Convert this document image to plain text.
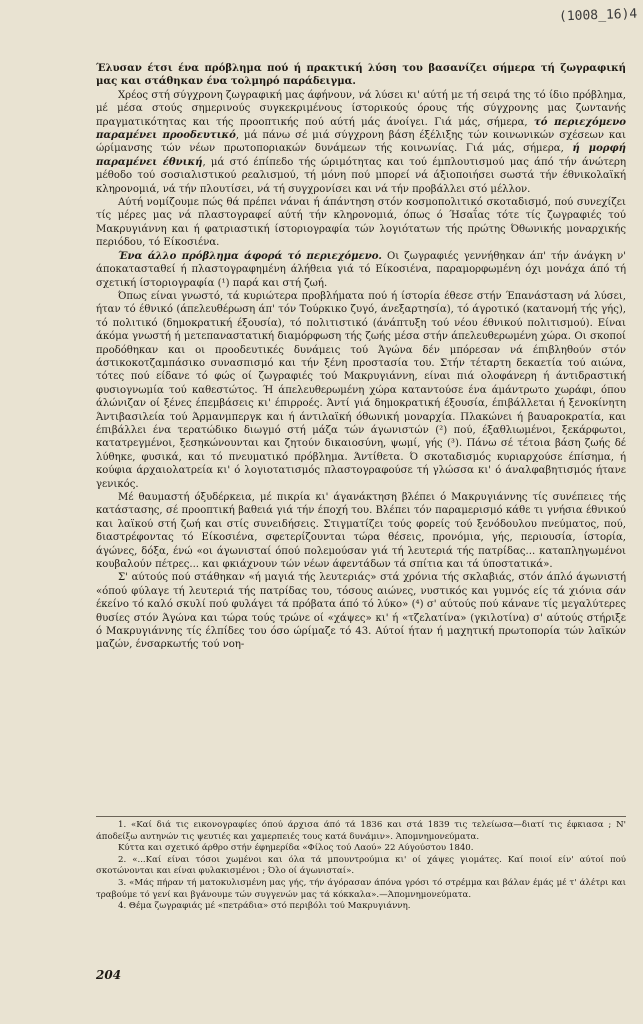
(1008_16)4

Έλυσαν έτσι ένα πρόβλημα πού ή πρακτική λύση του βασανίζει σήμερα τή ζωγραφική μας και στάθηκαν ένα τολμηρό παράδειγμα.

Χρέος στή σύγχρονη ζωγραφική μας άφήνουν, νά λύσει κι' αύτή με τή σειρά της τό ίδιο πρόβλημα, μέ μέσα στούς σημερινούς συγκεκριμένους ίστορικούς όρους τής σύγχρονης μας ζωντανής πραγματικότητας και τής προοπτικής πού αύτή μάς άνοίγει. Γιά μάς, σήμερα, τό περιεχόμενο παραμένει προοδευτικό, μά πάνω σέ μιά σύγχρονη βάση έξέλιξης τών κοινωνικών σχέσεων και ώρίμανσης τών νέων πρωτοποριακών δυνάμεων τής κοινωνίας. Γιά μάς, σήμερα, ή μορφή παραμένει έθνική, μά στό έπίπεδο τής ώριμότητας και τού έμπλουτισμού μας άπό τήν άνώτερη μέθοδο τού σοσιαλιστικού ρεαλισμού, τή μόνη πού μπορεί νά άξιοποιήσει σωστά τήν έθνικολαϊκή κληρονομιά, νά τήν πλουτίσει, νά τή συγχρονίσει και νά τήν προβάλλει στό μέλλον.

Αύτή νομίζουμε πώς θά πρέπει νάναι ή άπάντηση στόν κοσμοπολιτικό σκοταδισμό, πού συνεχίζει τίς μέρες μας νά πλαστογραφεί αύτή τήν κληρονομιά, όπως ό Ήσαΐας τότε τίς ζωγραφιές τού Μακρυγιάννη και ή φατριαστική ίστοριογραφία τών λογιότατων τής πρώτης Όθωνικής μοναρχικής περιόδου, τό Είκοσιένα.

Ένα άλλο πρόβλημα άφορά τό περιεχόμενο. Οι ζωγραφιές γεννήθηκαν άπ' τήν άνάγκη ν' άποκατασταθεί ή πλαστογραφημένη άλήθεια γιά τό Είκοσιένα, παραμορφωμένη όχι μονάχα άπό τή σχετική ίστοριογραφία (¹) παρά και στή ζωή.

Όπως είναι γνωστό, τά κυριώτερα προβλήματα πού ή ίστορία έθεσε στήν Έπανάσταση νά λύσει, ήταν τό έθνικό (άπελευθέρωση άπ' τόν Τούρκικο ζυγό, άνεξαρτησία), τό άγροτικό (κατανομή τής γής), τό πολιτικό (δημοκρατική έξουσία), τό πολιτιστικό (άνάπτυξη τού νέου έθνικού πολιτισμού). Είναι άκόμα γνωστή ή μετεπαναστατική διαμόρφωση τής ζωής μέσα στήν άπελευθερωμένη χώρα. Οι σκοποί προδόθηκαν και οι προοδευτικές δυνάμεις τού Άγώνα δέν μπόρεσαν νά έπιβληθούν στόν άστικοκοτζαμπάσικο συνασπισμό και τήν ξένη προστασία του. Στήν τέταρτη δεκαετία τού αιώνα, τότες πού είδανε τό φώς οί ζωγραφιές τού Μακρυγιάννη, είναι πιά ολοφάνερη ή άντιδραστική φυσιογνωμία τού καθεστώτος. Ή άπελευθερωμένη χώρα καταντούσε ένα άμάντρωτο χωράφι, όπου άλώνιζαν οί ξένες έπεμβάσεις κι' έπιρροές. Άντί γιά δημοκρατική έξουσία, έπιβάλλεται ή ξενοκίνητη Άντιβασιλεία τού Άρμανμπεργκ και ή άντιλαϊκή όθωνική μοναρχία. Πλακώνει ή βαυαροκρατία, και έπιβάλλει ένα τερατώδικο διωγμό στή μάζα τών άγωνιστών (²) πού, έξαθλιωμένοι, ξεκάρφωτοι, κατατρεγμένοι, ξεσηκώνουνται και ζητούν δικαιοσύνη, ψωμί, γής (³). Πάνω σέ τέτοια βάση ζωής δέ λύθηκε, φυσικά, και τό πνευματικό πρόβλημα. Άντίθετα. Ό σκοταδισμός κυριαρχούσε έπίσημα, ή κούφια άρχαιολατρεία κι' ό λογιοτατισμός πλαστογραφούσε τή γλώσσα κι' ό άναλφαβητισμός ήτανε γενικός.

Μέ θαυμαστή όξυδέρκεια, μέ πικρία κι' άγανάκτηση βλέπει ό Μακρυγιάννης τίς συνέπειες τής κατάστασης, σέ προοπτική βαθειά γιά τήν έποχή του. Βλέπει τόν παραμερισμό κάθε τι γνήσια έθνικού και λαϊκού στή ζωή και στίς συνειδήσεις. Στιγματίζει τούς φορείς τού ξενόδουλου πνεύματος, πού, διαστρέφοντας τό Είκοσιένα, σφετερίζουνται τώρα θέσεις, προνόμια, γής, περιουσία, ίστορία, άγώνες, δόξα, ένώ «οι άγωνισταί όπού πολεμούσαν γιά τή λευτεριά τής πατρίδας... καταπληγωμένοι κουβαλούν πέτρες... και φκιάχνουν τών νέων άφεντάδων τά σπίτια και τά ύποστατικά».

Σ' αύτούς πού στάθηκαν «ή μαγιά τής λευτεριάς» στά χρόνια τής σκλαβιάς, στόν άπλό άγωνιστή «όπού φύλαγε τή λευτεριά τής πατρίδας του, τόσους αιώνες, νυστικός και γυμνός είς τά χιόνια σάν έκείνο τό καλό σκυλί πού φυλάγει τά πρόβατα άπό τό λύκο» (⁴) σ' αύτούς πού κάνανε τίς μεγαλύτερες θυσίες στόν Άγώνα και τώρα τούς τρώνε οί «χάψες» κι' ή «τζελατίνα» (γκιλοτίνα) σ' αύτούς στήριξε ό Μακρυγιάννης τίς έλπίδες του όσο ώρίμαζε τό 43. Αύτοί ήταν ή μαχητική πρωτοπορία τών λαϊκών μαζών, ένσαρκωτής τού νοη-

1. «Καί διά τις εικονογραφίες όπού άρχισα άπό τά 1836 και στά 1839 τις τελείωσα—διατί τις έφκιασα ; Ν' άποδείξω αυτηνών τις ψευτιές και χαμερπειές τους κατά δυνάμιν». Άπομνημονεύματα.

Κύττα και σχετικό άρθρο στήν έφημερίδα «Φίλος τού Λαού» 22 Αύγούστου 1840.

2. «...Καί είναι τόσοι χωμένοι και όλα τά μπουντρούμια κι' οί χάψες γιομάτες. Καί ποιοί είν' αύτοί πού σκοτώνονται και είναι φυλακισμένοι ; Όλο οί άγωνισταί».

3. «Μάς πήραν τή ματοκυλισμένη μας γής, τήν άγόρασαν άπόνα γρόσι τό στρέμμα και βάλαν έμάς μέ τ' άλέτρι και τραβούμε τό γενί και βγάνουμε τών συγγενών μας τά κόκκαλα».—Άπομνημονεύματα.

4. Θέμα ζωγραφιάς μέ «πετράδια» στό περιβόλι τού Μακρυγιάννη.

204
